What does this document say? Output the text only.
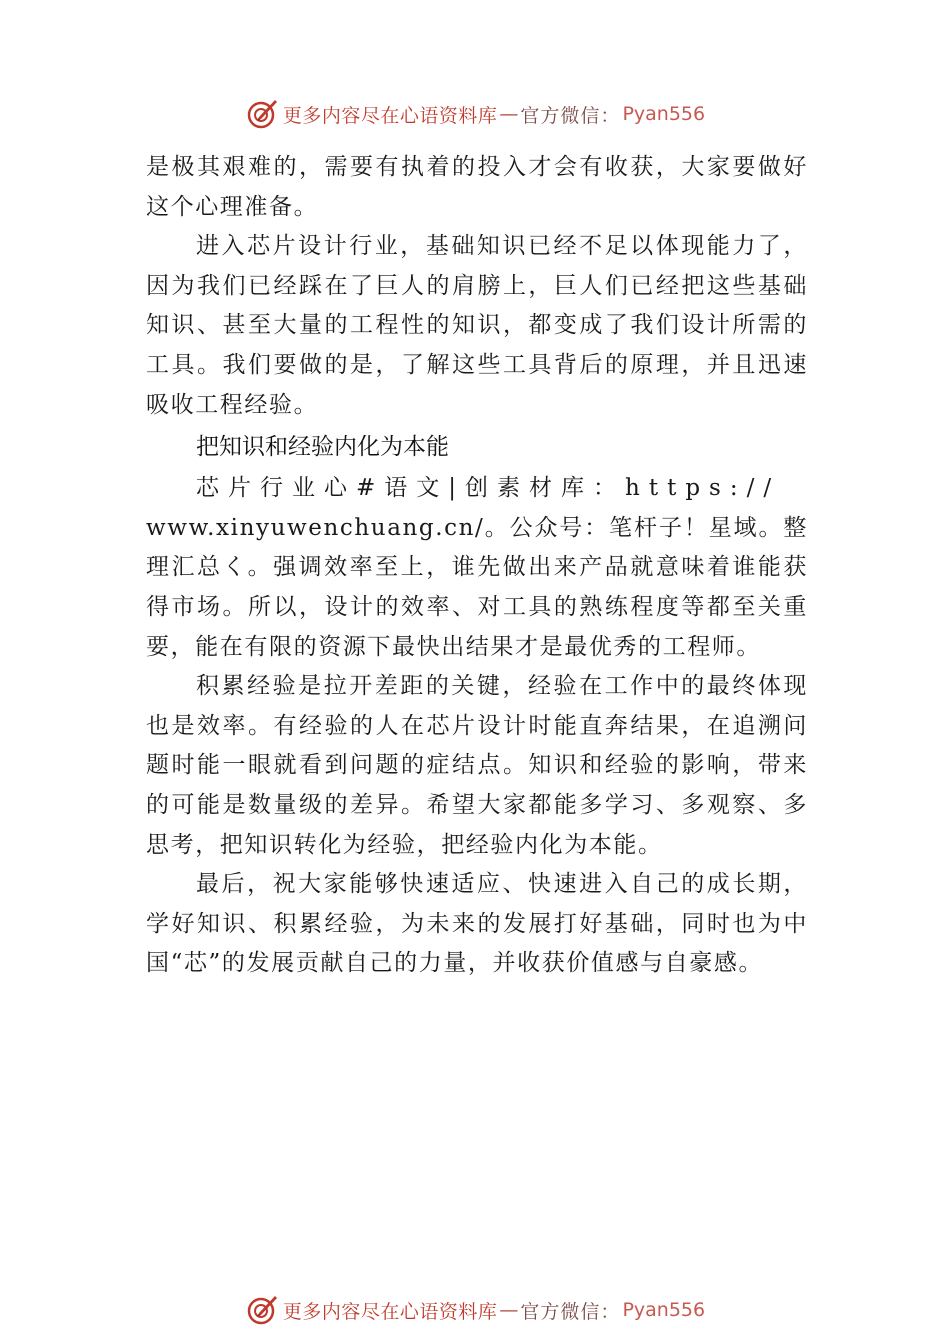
更多内容尽在心语资料库 — 官方微信： Pyan556

是极其艰难的，需要有执着的投入才会有收获，大家要做好这个心理准备。

进入芯片设计行业，基础知识已经不足以体现能力了，因为我们已经踩在了巨人的肩膀上，巨人们已经把这些基础知识、甚至大量的工程性的知识，都变成了我们设计所需的工具。我们要做的是，了解这些工具背后的原理，并且迅速吸收工程经验。

把知识和经验内化为本能

芯片行业心#语文|创素材库：https://

www.xinyuwenchuang.cn/。公众号：笔杆子！星域。整理汇总く。强调效率至上，谁先做出来产品就意味着谁能获得市场。所以，设计的效率、对工具的熟练程度等都至关重要，能在有限的资源下最快出结果才是最优秀的工程师。

积累经验是拉开差距的关键，经验在工作中的最终体现也是效率。有经验的人在芯片设计时能直奔结果，在追溯问题时能一眼就看到问题的症结点。知识和经验的影响，带来的可能是数量级的差异。希望大家都能多学习、多观察、多思考，把知识转化为经验，把经验内化为本能。

最后，祝大家能够快速适应、快速进入自己的成长期，学好知识、积累经验，为未来的发展打好基础，同时也为中国“芯”的发展贡献自己的力量，并收获价值感与自豪感。

更多内容尽在心语资料库 — 官方微信： Pyan556
